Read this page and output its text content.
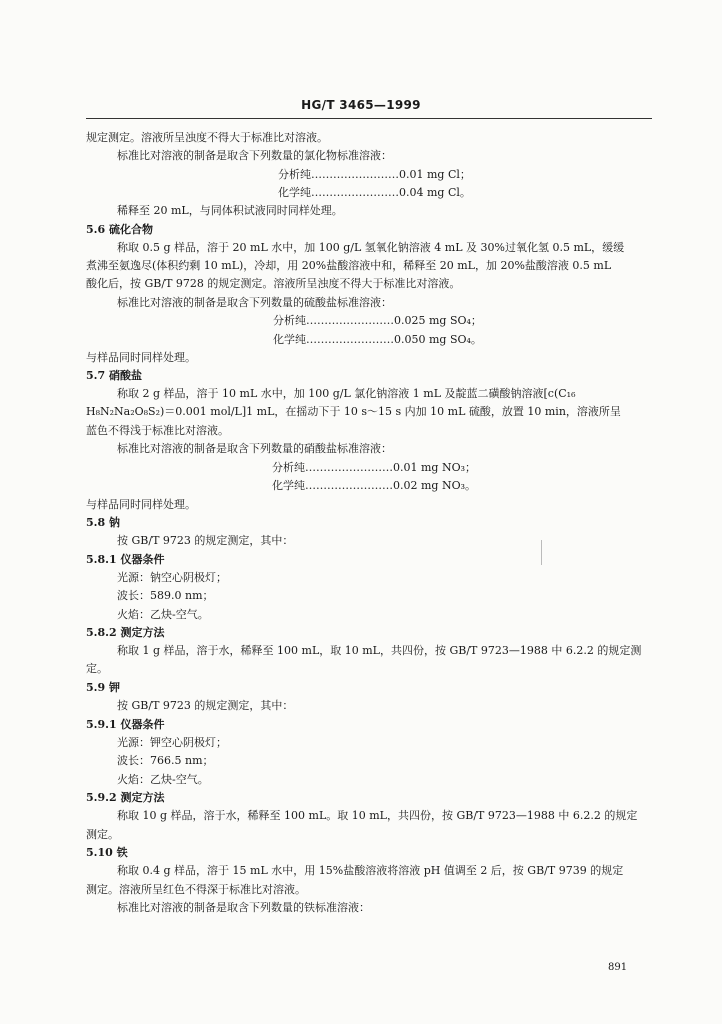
HG/T 3465—1999
规定测定。溶液所呈浊度不得大于标准比对溶液。
标准比对溶液的制备是取含下列数量的氯化物标准溶液：
分析纯……………………0.01 mg Cl；
化学纯……………………0.04 mg Cl。
稀释至 20 mL，与同体积试液同时同样处理。
5.6 硫化合物
称取 0.5 g 样品，溶于 20 mL 水中，加 100 g/L 氢氧化钠溶液 4 mL 及 30%过氧化氢 0.5 mL，缓缓
煮沸至氨逸尽(体积约剩 10 mL)，冷却，用 20%盐酸溶液中和，稀释至 20 mL，加 20%盐酸溶液 0.5 mL
酸化后，按 GB/T 9728 的规定测定。溶液所呈浊度不得大于标准比对溶液。
标准比对溶液的制备是取含下列数量的硫酸盐标准溶液：
分析纯……………………0.025 mg SO₄；
化学纯……………………0.050 mg SO₄。
与样品同时同样处理。
5.7 硝酸盐
称取 2 g 样品，溶于 10 mL 水中，加 100 g/L 氯化钠溶液 1 mL 及靛蓝二磺酸钠溶液[c(C₁₆
H₈N₂Na₂O₈S₂)＝0.001 mol/L]1 mL，在摇动下于 10 s～15 s 内加 10 mL 硫酸，放置 10 min，溶液所呈
蓝色不得浅于标准比对溶液。
标准比对溶液的制备是取含下列数量的硝酸盐标准溶液：
分析纯……………………0.01 mg NO₃；
化学纯……………………0.02 mg NO₃。
与样品同时同样处理。
5.8 钠
按 GB/T 9723 的规定测定，其中：
5.8.1 仪器条件
光源：钠空心阴极灯；
波长：589.0 nm；
火焰：乙炔-空气。
5.8.2 测定方法
称取 1 g 样品，溶于水，稀释至 100 mL，取 10 mL，共四份，按 GB/T 9723—1988 中 6.2.2 的规定测
定。
5.9 钾
按 GB/T 9723 的规定测定，其中：
5.9.1 仪器条件
光源：钾空心阴极灯；
波长：766.5 nm；
火焰：乙炔-空气。
5.9.2 测定方法
称取 10 g 样品，溶于水，稀释至 100 mL。取 10 mL，共四份，按 GB/T 9723—1988 中 6.2.2 的规定
测定。
5.10 铁
称取 0.4 g 样品，溶于 15 mL 水中，用 15%盐酸溶液将溶液 pH 值调至 2 后，按 GB/T 9739 的规定
测定。溶液所呈红色不得深于标准比对溶液。
标准比对溶液的制备是取含下列数量的铁标准溶液：
891
